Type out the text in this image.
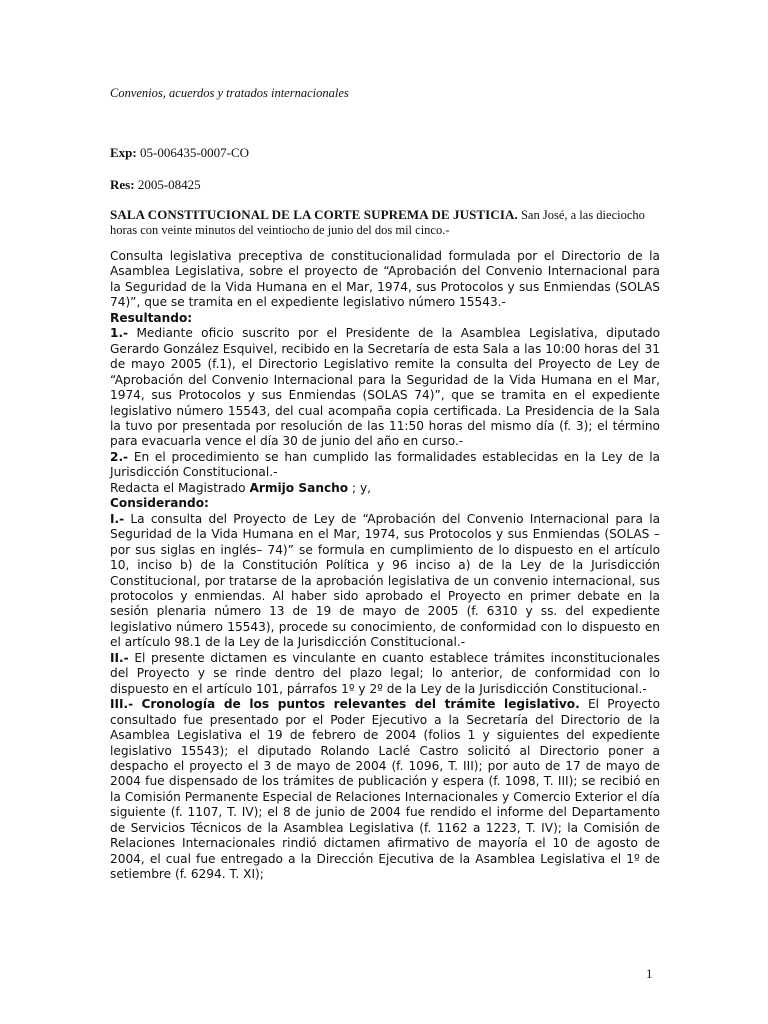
Convenios, acuerdos y tratados internacionales
Exp: 05-006435-0007-CO
Res: 2005-08425
SALA CONSTITUCIONAL DE LA CORTE SUPREMA DE JUSTICIA. San José, a las dieciocho horas con veinte minutos del veintiocho de junio del dos mil cinco.-

Consulta legislativa preceptiva de constitucionalidad formulada por el Directorio de la Asamblea Legislativa, sobre el proyecto de “Aprobación del Convenio Internacional para la Seguridad de la Vida Humana en el Mar, 1974, sus Protocolos y sus Enmiendas (SOLAS 74)”, que se tramita en el expediente legislativo número 15543.-

Resultando:

1.- Mediante oficio suscrito por el Presidente de la Asamblea Legislativa, diputado Gerardo González Esquivel, recibido en la Secretaría de esta Sala a las 10:00 horas del 31 de mayo 2005 (f.1), el Directorio Legislativo remite la consulta del Proyecto de Ley de “Aprobación del Convenio Internacional para la Seguridad de la Vida Humana en el Mar, 1974, sus Protocolos y sus Enmiendas (SOLAS 74)”, que se tramita en el expediente legislativo número 15543, del cual acompaña copia certificada. La Presidencia de la Sala la tuvo por presentada por resolución de las 11:50 horas del mismo día (f. 3); el término para evacuarla vence el día 30 de junio del año en curso.-

2.- En el procedimiento se han cumplido las formalidades establecidas en la Ley de la Jurisdicción Constitucional.-

Redacta el Magistrado Armijo Sancho ; y,

Considerando:

I.- La consulta del Proyecto de Ley de “Aprobación del Convenio Internacional para la Seguridad de la Vida Humana en el Mar, 1974, sus Protocolos y sus Enmiendas (SOLAS –por sus siglas en inglés– 74)” se formula en cumplimiento de lo dispuesto en el artículo 10, inciso b) de la Constitución Política y 96 inciso a) de la Ley de la Jurisdicción Constitucional, por tratarse de la aprobación legislativa de un convenio internacional, sus protocolos y enmiendas. Al haber sido aprobado el Proyecto en primer debate en la sesión plenaria número 13 de 19 de mayo de 2005 (f. 6310 y ss. del expediente legislativo número 15543), procede su conocimiento, de conformidad con lo dispuesto en el artículo 98.1 de la Ley de la Jurisdicción Constitucional.-

II.- El presente dictamen es vinculante en cuanto establece trámites inconstitucionales del Proyecto y se rinde dentro del plazo legal; lo anterior, de conformidad con lo dispuesto en el artículo 101, párrafos 1º y 2º de la Ley de la Jurisdicción Constitucional.-

III.- Cronología de los puntos relevantes del trámite legislativo. El Proyecto consultado fue presentado por el Poder Ejecutivo a la Secretaría del Directorio de la Asamblea Legislativa el 19 de febrero de 2004 (folios 1 y siguientes del expediente legislativo 15543); el diputado Rolando Laclé Castro solicitó al Directorio poner a despacho el proyecto el 3 de mayo de 2004 (f. 1096, T. III); por auto de 17 de mayo de 2004 fue dispensado de los trámites de publicación y espera (f. 1098, T. III); se recibió en la Comisión Permanente Especial de Relaciones Internacionales y Comercio Exterior el día siguiente (f. 1107, T. IV); el 8 de junio de 2004 fue rendido el informe del Departamento de Servicios Técnicos de la Asamblea Legislativa (f. 1162 a 1223, T. IV); la Comisión de Relaciones Internacionales rindió dictamen afirmativo de mayoría el 10 de agosto de 2004, el cual fue entregado a la Dirección Ejecutiva de la Asamblea Legislativa el 1º de setiembre (f. 6294. T. XI);

1
